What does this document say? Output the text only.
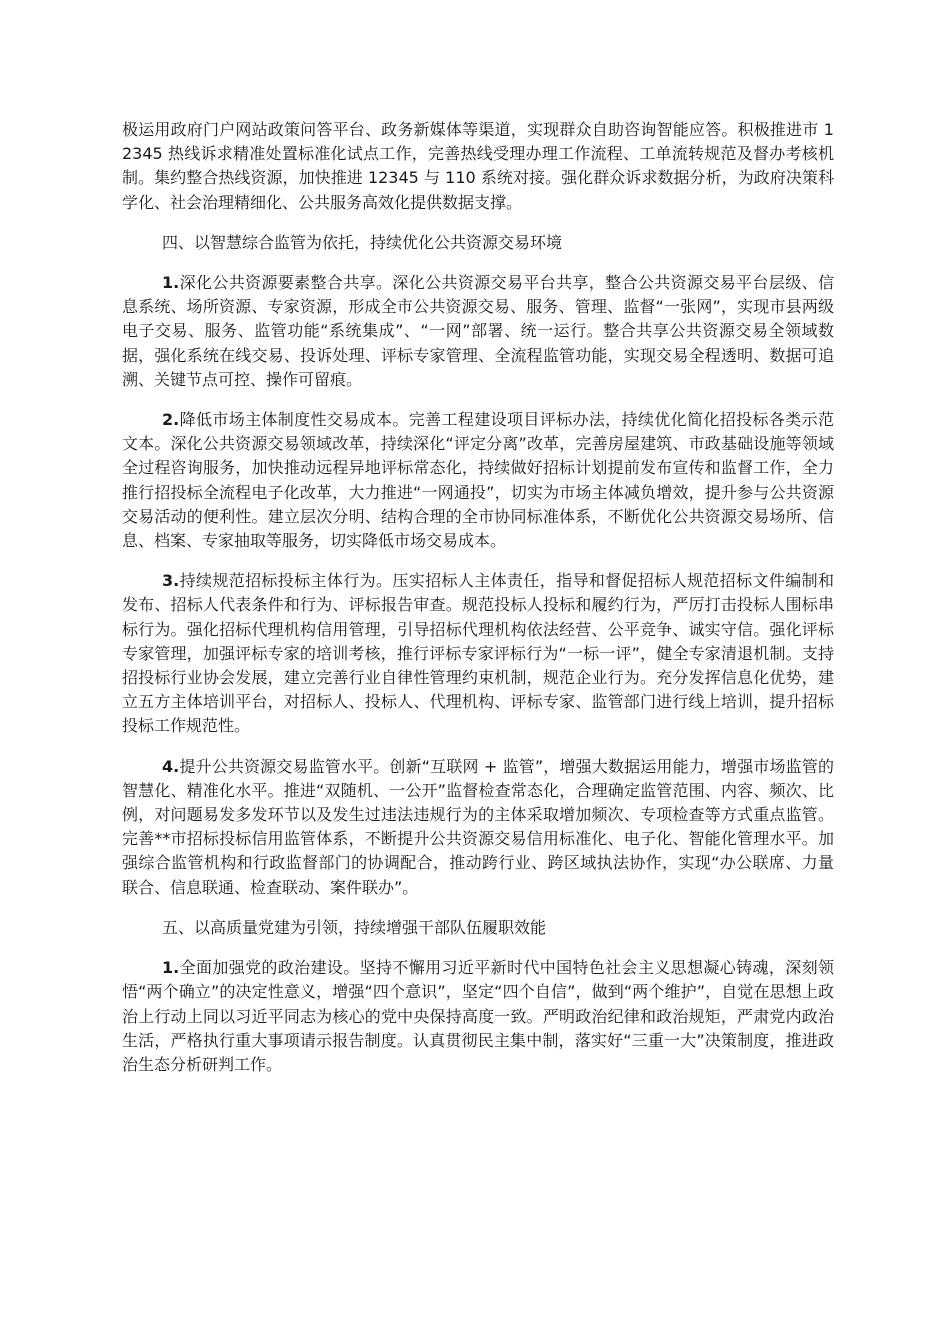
极运用政府门户网站政策问答平台、政务新媒体等渠道，实现群众自助咨询智能应答。积极推进市 12345 热线诉求精准处置标准化试点工作，完善热线受理办理工作流程、工单流转规范及督办考核机制。集约整合热线资源，加快推进 12345 与 110 系统对接。强化群众诉求数据分析，为政府决策科学化、社会治理精细化、公共服务高效化提供数据支撑。

四、以智慧综合监管为依托，持续优化公共资源交易环境

1.深化公共资源要素整合共享。深化公共资源交易平台共享，整合公共资源交易平台层级、信息系统、场所资源、专家资源，形成全市公共资源交易、服务、管理、监督“一张网”，实现市县两级电子交易、服务、监管功能“系统集成”、“一网”部署、统一运行。整合共享公共资源交易全领域数据，强化系统在线交易、投诉处理、评标专家管理、全流程监管功能，实现交易全程透明、数据可追溯、关键节点可控、操作可留痕。

2.降低市场主体制度性交易成本。完善工程建设项目评标办法，持续优化简化招投标各类示范文本。深化公共资源交易领域改革，持续深化“评定分离”改革，完善房屋建筑、市政基础设施等领域全过程咨询服务，加快推动远程异地评标常态化，持续做好招标计划提前发布宣传和监督工作，全力推行招投标全流程电子化改革，大力推进“一网通投”，切实为市场主体减负增效，提升参与公共资源交易活动的便利性。建立层次分明、结构合理的全市协同标准体系，不断优化公共资源交易场所、信息、档案、专家抽取等服务，切实降低市场交易成本。

3.持续规范招标投标主体行为。压实招标人主体责任，指导和督促招标人规范招标文件编制和发布、招标人代表条件和行为、评标报告审查。规范投标人投标和履约行为，严厉打击投标人围标串标行为。强化招标代理机构信用管理，引导招标代理机构依法经营、公平竞争、诚实守信。强化评标专家管理，加强评标专家的培训考核，推行评标专家评标行为“一标一评”，健全专家清退机制。支持招投标行业协会发展，建立完善行业自律性管理约束机制，规范企业行为。充分发挥信息化优势，建立五方主体培训平台，对招标人、投标人、代理机构、评标专家、监管部门进行线上培训，提升招标投标工作规范性。

4.提升公共资源交易监管水平。创新“互联网 + 监管”，增强大数据运用能力，增强市场监管的智慧化、精准化水平。推进“双随机、一公开”监督检查常态化，合理确定监管范围、内容、频次、比例，对问题易发多发环节以及发生过违法违规行为的主体采取增加频次、专项检查等方式重点监管。完善**市招标投标信用监管体系，不断提升公共资源交易信用标准化、电子化、智能化管理水平。加强综合监管机构和行政监督部门的协调配合，推动跨行业、跨区域执法协作，实现“办公联席、力量联合、信息联通、检查联动、案件联办”。

五、以高质量党建为引领，持续增强干部队伍履职效能

1.全面加强党的政治建设。坚持不懈用习近平新时代中国特色社会主义思想凝心铸魂，深刻领悟“两个确立”的决定性意义，增强“四个意识”，坚定“四个自信”，做到“两个维护”，自觉在思想上政治上行动上同以习近平同志为核心的党中央保持高度一致。严明政治纪律和政治规矩，严肃党内政治生活，严格执行重大事项请示报告制度。认真贯彻民主集中制，落实好“三重一大”决策制度，推进政治生态分析研判工作。
